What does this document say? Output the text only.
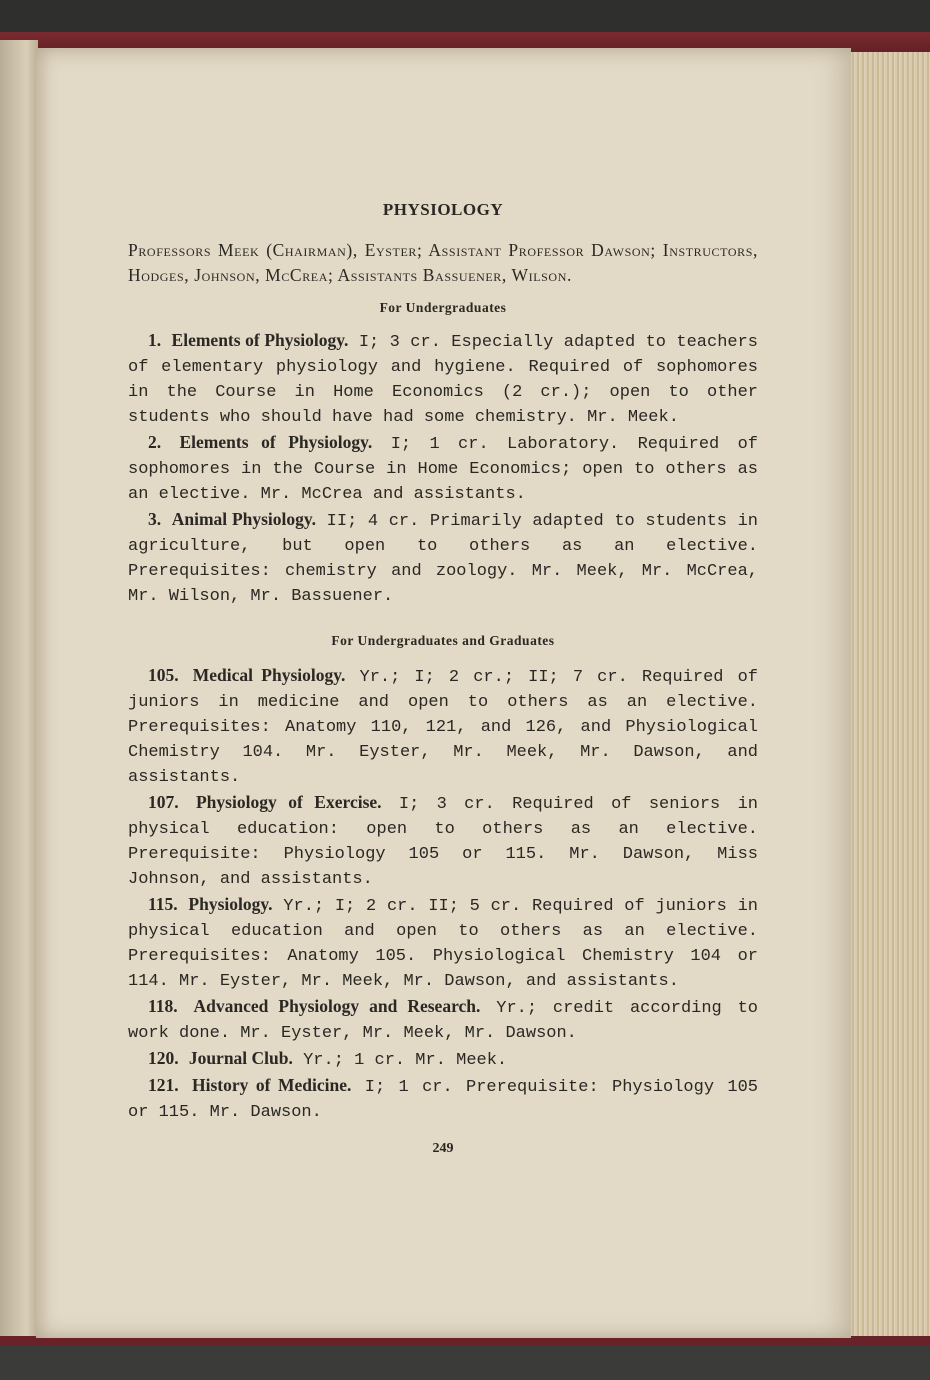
PHYSIOLOGY

Professors Meek (Chairman), Eyster; Assistant Professor Dawson; Instructors, Hodges, Johnson, McCrea; Assistants Bassuener, Wilson.

For Undergraduates

1. Elements of Physiology. I; 3 cr. Especially adapted to teachers of elementary physiology and hygiene. Required of sophomores in the Course in Home Economics (2 cr.); open to other students who should have had some chemistry. Mr. Meek.

2. Elements of Physiology. I; 1 cr. Laboratory. Required of sophomores in the Course in Home Economics; open to others as an elective. Mr. McCrea and assistants.

3. Animal Physiology. II; 4 cr. Primarily adapted to students in agriculture, but open to others as an elective. Prerequisites: chemistry and zoology. Mr. Meek, Mr. McCrea, Mr. Wilson, Mr. Bassuener.

For Undergraduates and Graduates

105. Medical Physiology. Yr.; I; 2 cr.; II; 7 cr. Required of juniors in medicine and open to others as an elective. Prerequisites: Anatomy 110, 121, and 126, and Physiological Chemistry 104. Mr. Eyster, Mr. Meek, Mr. Dawson, and assistants.

107. Physiology of Exercise. I; 3 cr. Required of seniors in physical education: open to others as an elective. Prerequisite: Physiology 105 or 115. Mr. Dawson, Miss Johnson, and assistants.

115. Physiology. Yr.; I; 2 cr. II; 5 cr. Required of juniors in physical education and open to others as an elective. Prerequisites: Anatomy 105. Physiological Chemistry 104 or 114. Mr. Eyster, Mr. Meek, Mr. Dawson, and assistants.

118. Advanced Physiology and Research. Yr.; credit according to work done. Mr. Eyster, Mr. Meek, Mr. Dawson.

120. Journal Club. Yr.; 1 cr. Mr. Meek.

121. History of Medicine. I; 1 cr. Prerequisite: Physiology 105 or 115. Mr. Dawson.

249
